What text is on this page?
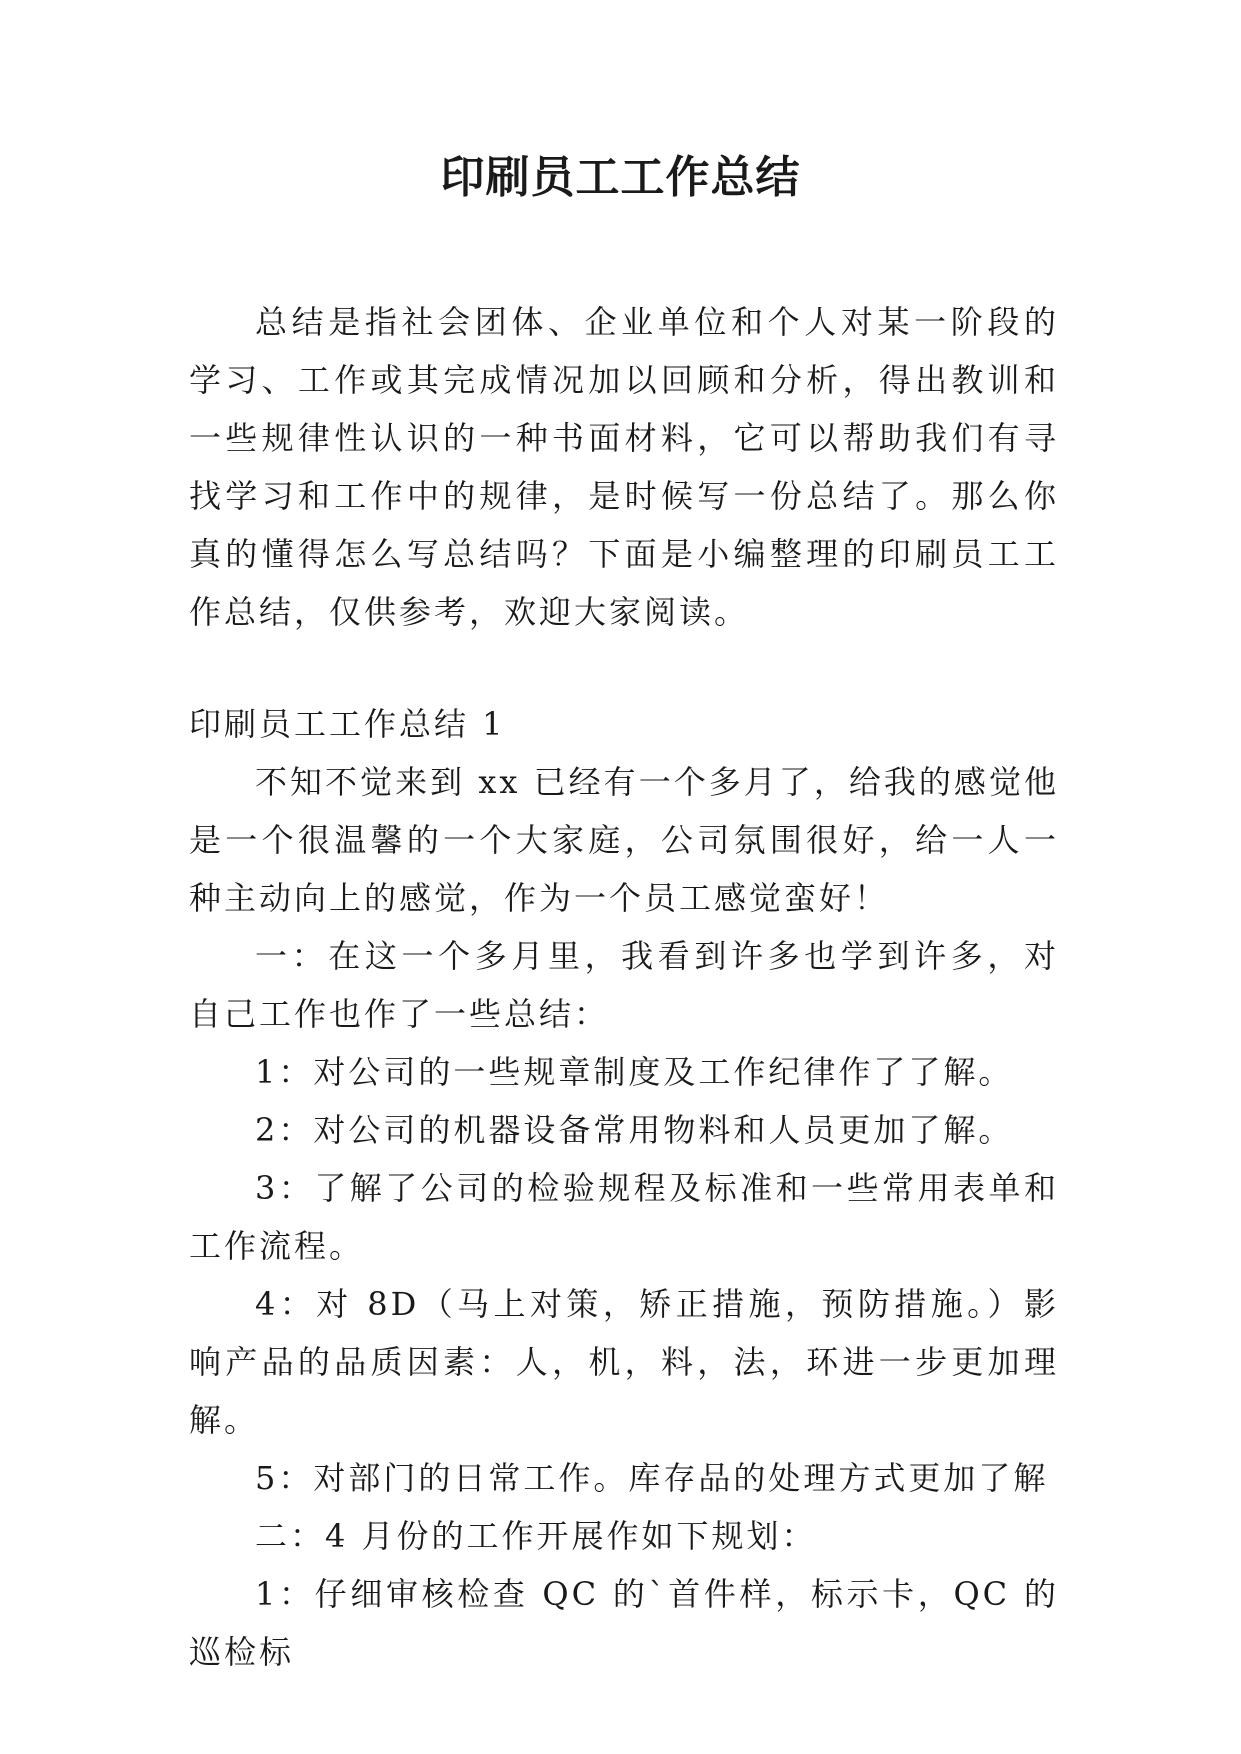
印刷员工工作总结

总结是指社会团体、企业单位和个人对某一阶段的学习、工作或其完成情况加以回顾和分析，得出教训和一些规律性认识的一种书面材料，它可以帮助我们有寻找学习和工作中的规律，是时候写一份总结了。那么你真的懂得怎么写总结吗？下面是小编整理的印刷员工工作总结，仅供参考，欢迎大家阅读。

印刷员工工作总结 1

不知不觉来到 xx 已经有一个多月了，给我的感觉他是一个很温馨的一个大家庭，公司氛围很好，给一人一种主动向上的感觉，作为一个员工感觉蛮好！

一：在这一个多月里，我看到许多也学到许多，对自己工作也作了一些总结：

1：对公司的一些规章制度及工作纪律作了了解。

2：对公司的机器设备常用物料和人员更加了解。

3：了解了公司的检验规程及标准和一些常用表单和工作流程。

4：对 8D（马上对策，矫正措施，预防措施。）影响产品的品质因素：人，机，料，法，环进一步更加理解。

5：对部门的日常工作。库存品的处理方式更加了解

二：4 月份的工作开展作如下规划：

1：仔细审核检查 QC 的`首件样，标示卡，QC 的巡检标
